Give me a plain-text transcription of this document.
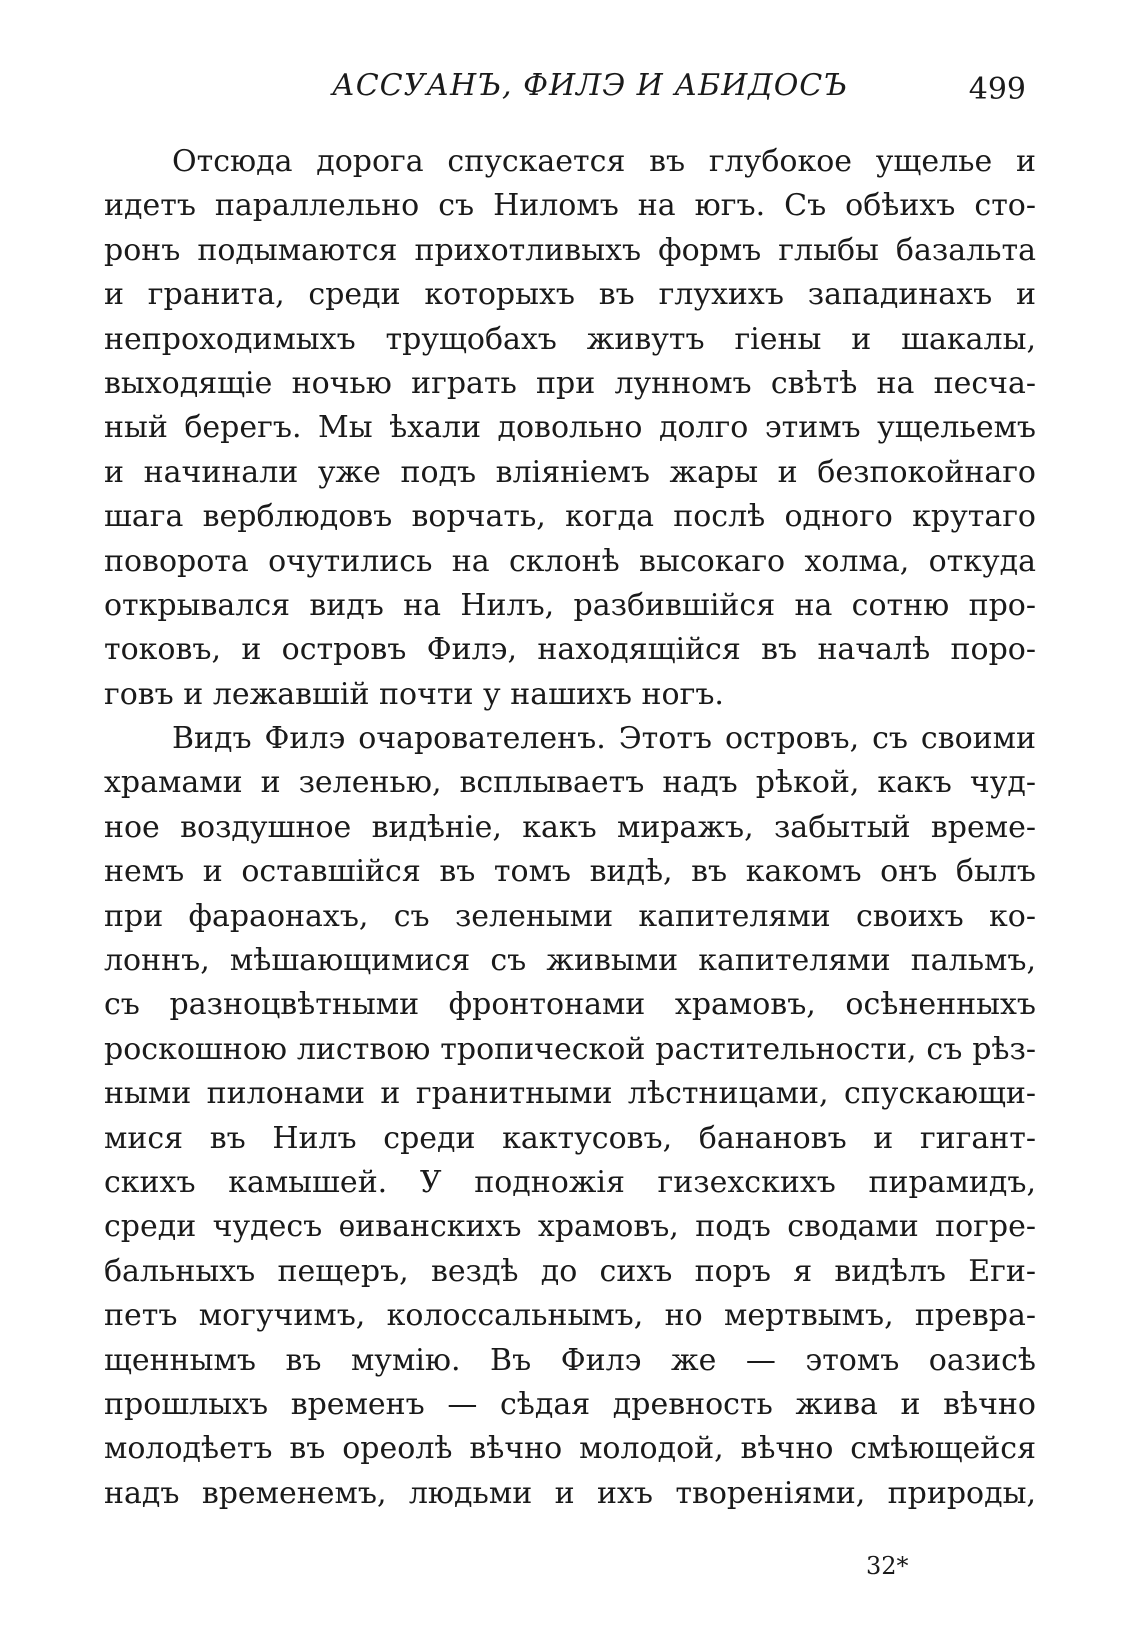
АССУАНЪ, ФИЛЭ И АБИДОСЪ	499
Отсюда дорога спускается въ глубокое ущелье и
идетъ параллельно съ Ниломъ на югъ. Съ обѣихъ сто-
ронъ подымаются прихотливыхъ формъ глыбы базальта
и гранита, среди которыхъ въ глухихъ западинахъ и
непроходимыхъ трущобахъ живутъ гіены и шакалы,
выходящіе ночью играть при лунномъ свѣтѣ на песча-
ный берегъ. Мы ѣхали довольно долго этимъ ущельемъ
и начинали уже подъ вліяніемъ жары и безпокойнаго
шага верблюдовъ ворчать, когда послѣ одного крутаго
поворота очутились на склонѣ высокаго холма, откуда
открывался видъ на Нилъ, разбившійся на сотню про-
токовъ, и островъ Филэ, находящійся въ началѣ поро-
говъ и лежавшій почти у нашихъ ногъ.
Видъ Филэ очарователенъ. Этотъ островъ, съ своими
храмами и зеленью, всплываетъ надъ рѣкой, какъ чуд-
ное воздушное видѣніе, какъ миражъ, забытый време-
немъ и оставшійся въ томъ видѣ, въ какомъ онъ былъ
при фараонахъ, съ зелеными капителями своихъ ко-
лоннъ, мѣшающимися съ живыми капителями пальмъ,
съ разноцвѣтными фронтонами храмовъ, осѣненныхъ
роскошною листвою тропической растительности, съ рѣз-
ными пилонами и гранитными лѣстницами, спускающи-
мися въ Нилъ среди кактусовъ, банановъ и гигант-
скихъ камышей. У подножія гизехскихъ пирамидъ,
среди чудесъ ѳиванскихъ храмовъ, подъ сводами погре-
бальныхъ пещеръ, вездѣ до сихъ поръ я видѣлъ Еги-
петъ могучимъ, колоссальнымъ, но мертвымъ, превра-
щеннымъ въ мумію. Въ Филэ же — этомъ оазисѣ
прошлыхъ временъ — сѣдая древность жива и вѣчно
молодѣетъ въ ореолѣ вѣчно молодой, вѣчно смѣющейся
надъ временемъ, людьми и ихъ твореніями, природы,
32*
